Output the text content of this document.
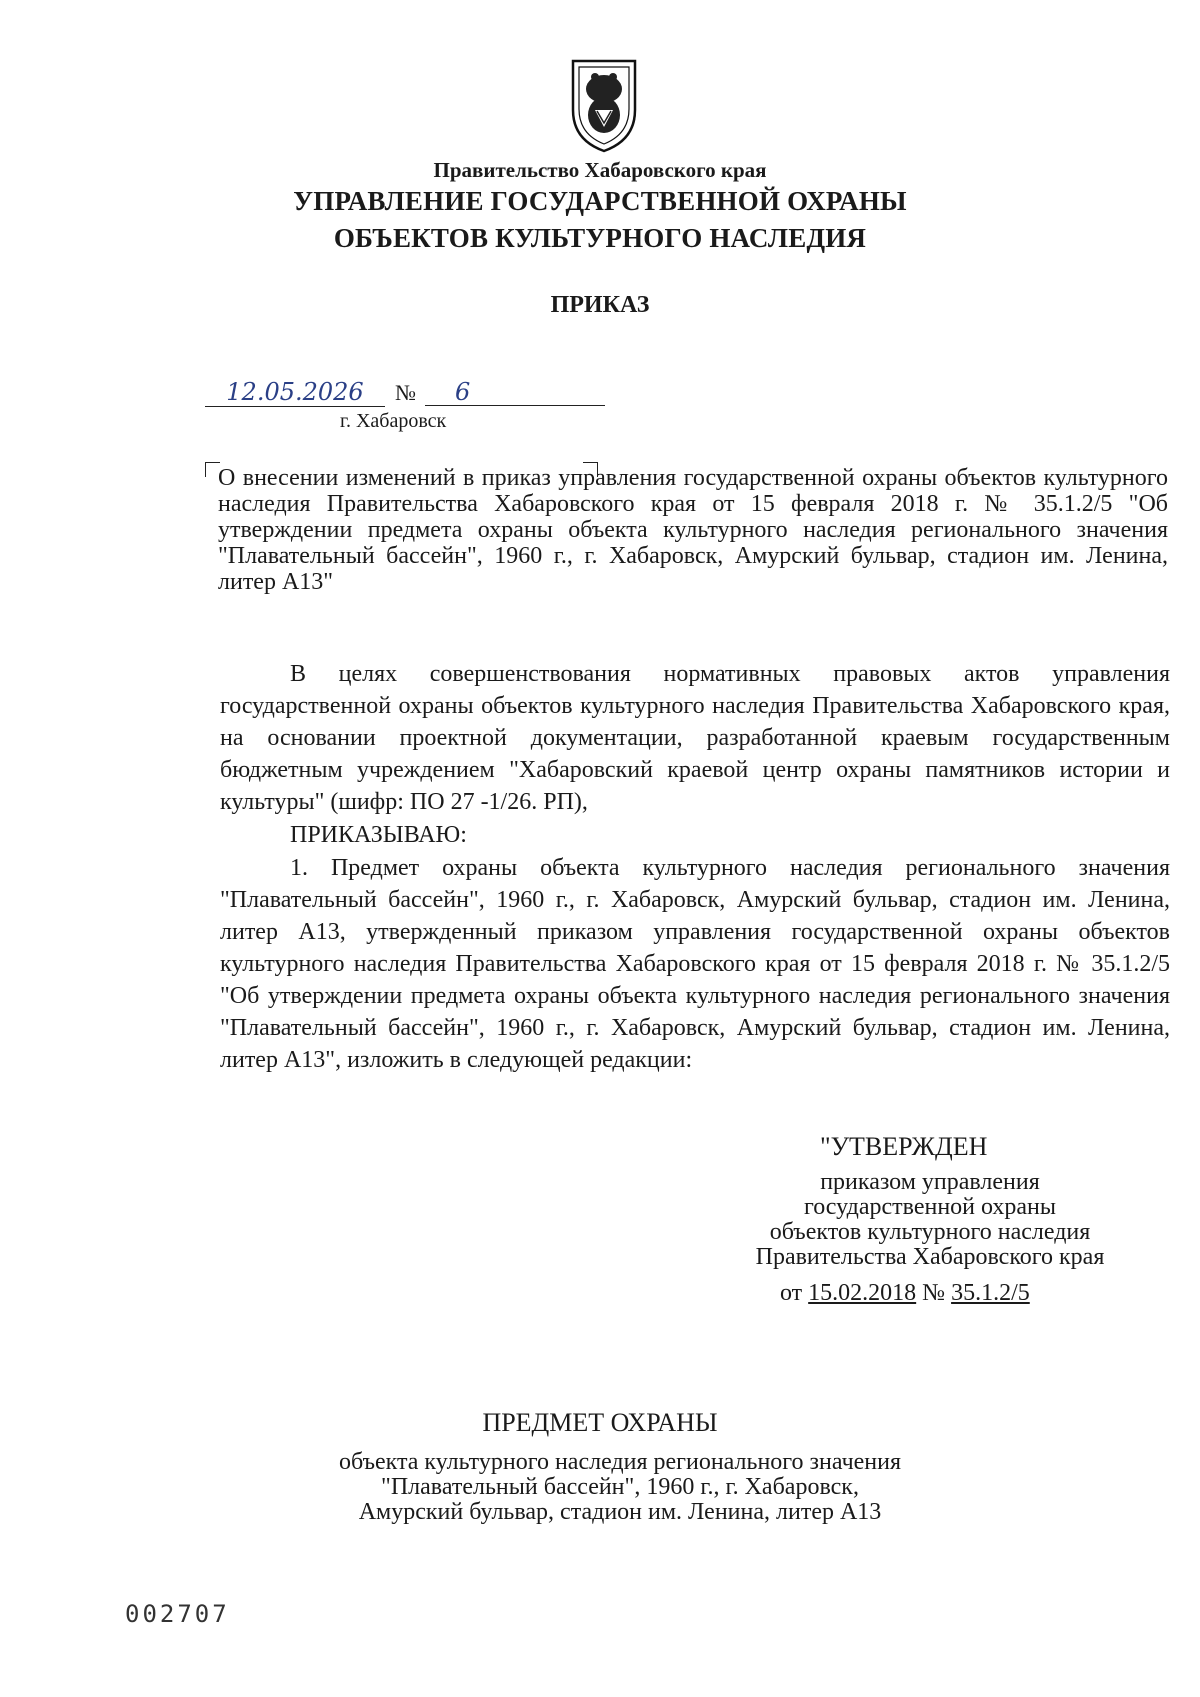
Правительство Хабаровского края
УПРАВЛЕНИЕ ГОСУДАРСТВЕННОЙ ОХРАНЫ
ОБЪЕКТОВ КУЛЬТУРНОГО НАСЛЕДИЯ
ПРИКАЗ
12.05.2026	№	6
г. Хабаровск
О внесении изменений в приказ управления государственной охраны объектов культурного наследия Правительства Хабаровского края от 15 февраля 2018 г. № 35.1.2/5 "Об утверждении предмета охраны объекта культурного наследия регионального значения "Плавательный бассейн", 1960 г., г. Хабаровск, Амурский бульвар, стадион им. Ленина, литер А13"
В целях совершенствования нормативных правовых актов управления государственной охраны объектов культурного наследия Правительства Хабаровского края, на основании проектной документации, разработанной краевым государственным бюджетным учреждением "Хабаровский краевой центр охраны памятников истории и культуры" (шифр: ПО 27 -1/26. РП),
ПРИКАЗЫВАЮ:
1. Предмет охраны объекта культурного наследия регионального значения "Плавательный бассейн", 1960 г., г. Хабаровск, Амурский бульвар, стадион им. Ленина, литер А13, утвержденный приказом управления государственной охраны объектов культурного наследия Правительства Хабаровского края от 15 февраля 2018 г. № 35.1.2/5 "Об утверждении предмета охраны объекта культурного наследия регионального значения "Плавательный бассейн", 1960 г., г. Хабаровск, Амурский бульвар, стадион им. Ленина, литер А13", изложить в следующей редакции:
"УТВЕРЖДЕН
приказом управления
государственной охраны
объектов культурного наследия
Правительства Хабаровского края
от 15.02.2018 № 35.1.2/5
ПРЕДМЕТ ОХРАНЫ
объекта культурного наследия регионального значения
"Плавательный бассейн", 1960 г., г. Хабаровск,
Амурский бульвар, стадион им. Ленина, литер А13
002707
